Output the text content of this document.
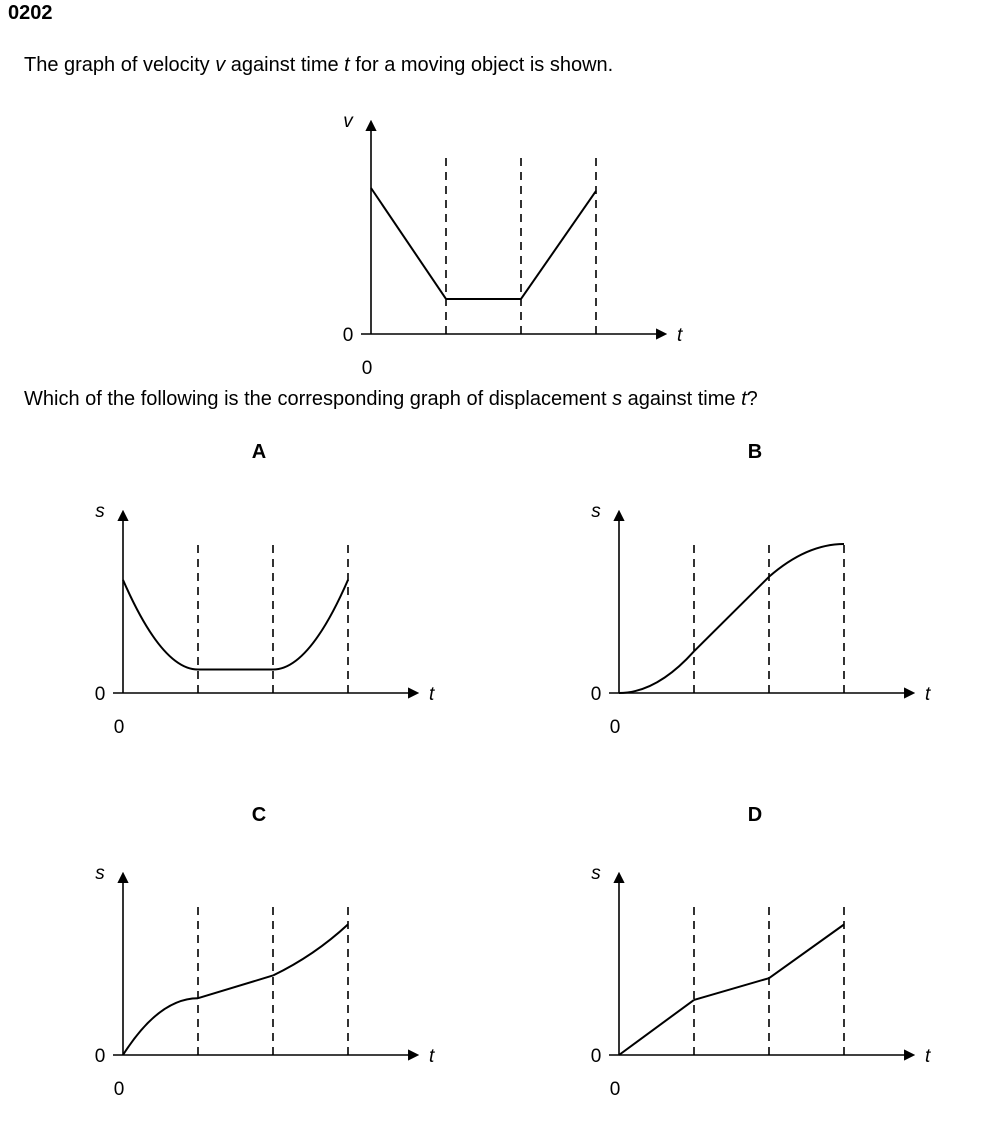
0202
The graph of velocity v against time t for a moving object is shown.
Which of the following is the corresponding graph of displacement s against time t?
A	B
C	D
v
t
0
0
s
t
0
0
s
t
0
0
s
t
0
0
s
t
0
0
